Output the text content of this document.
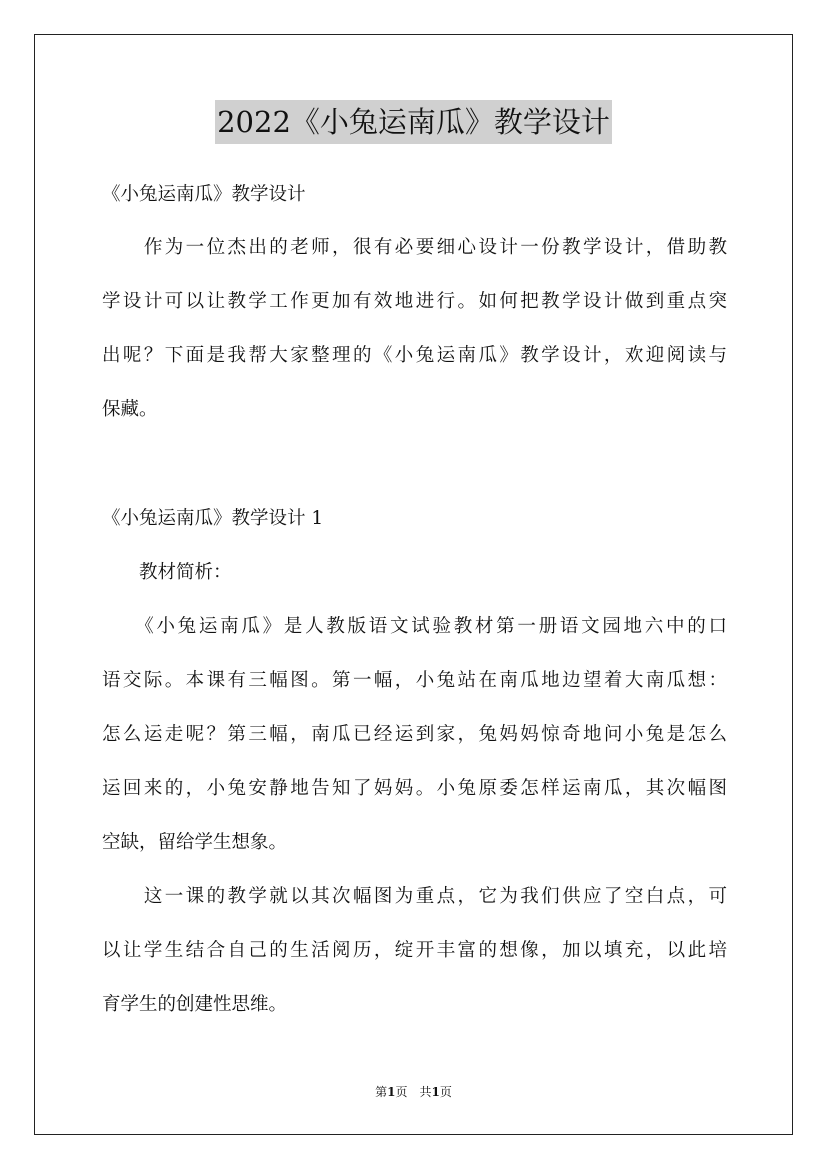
2022《小兔运南瓜》教学设计
《小兔运南瓜》教学设计
　　作为一位杰出的老师，很有必要细心设计一份教学设计，借助教
学设计可以让教学工作更加有效地进行。如何把教学设计做到重点突
出呢？下面是我帮大家整理的《小兔运南瓜》教学设计，欢迎阅读与
保藏。
《小兔运南瓜》教学设计 1
　　教材简析：
　　《小兔运南瓜》是人教版语文试验教材第一册语文园地六中的口
语交际。本课有三幅图。第一幅，小兔站在南瓜地边望着大南瓜想：
怎么运走呢？第三幅，南瓜已经运到家，兔妈妈惊奇地问小兔是怎么
运回来的，小兔安静地告知了妈妈。小兔原委怎样运南瓜，其次幅图
空缺，留给学生想象。
　　这一课的教学就以其次幅图为重点，它为我们供应了空白点，可
以让学生结合自己的生活阅历，绽开丰富的想像，加以填充，以此培
育学生的创建性思维。
第1页　共1页
